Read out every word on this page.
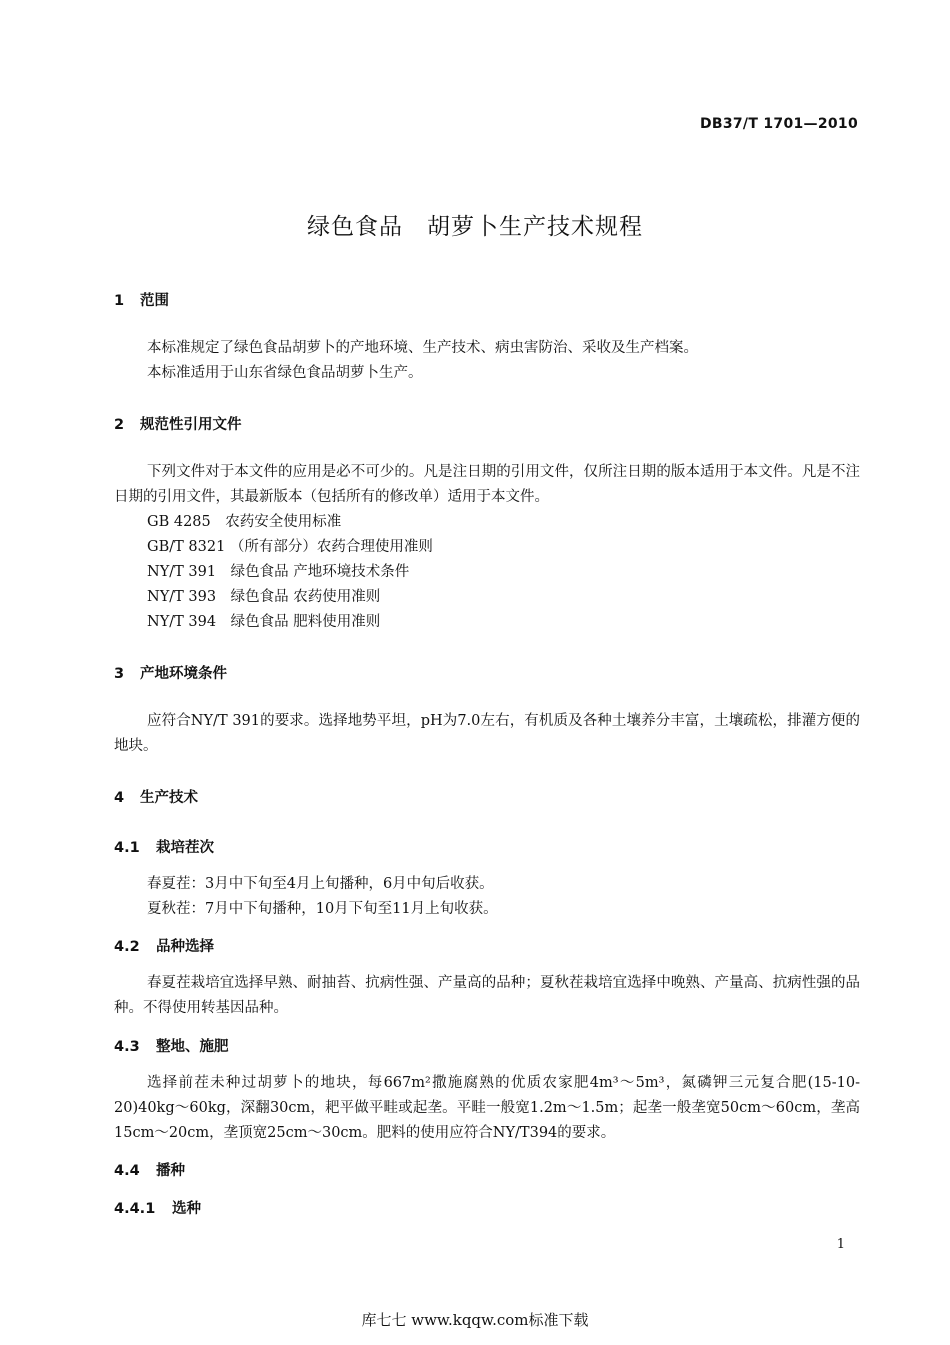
DB37/T 1701—2010
绿色食品　胡萝卜生产技术规程
1 范围
本标准规定了绿色食品胡萝卜的产地环境、生产技术、病虫害防治、采收及生产档案。
本标准适用于山东省绿色食品胡萝卜生产。
2 规范性引用文件
下列文件对于本文件的应用是必不可少的。凡是注日期的引用文件，仅所注日期的版本适用于本文件。凡是不注日期的引用文件，其最新版本（包括所有的修改单）适用于本文件。
GB 4285　农药安全使用标准
GB/T 8321 （所有部分）农药合理使用准则
NY/T 391　绿色食品 产地环境技术条件
NY/T 393　绿色食品 农药使用准则
NY/T 394　绿色食品 肥料使用准则
3 产地环境条件
应符合NY/T 391的要求。选择地势平坦，pH为7.0左右，有机质及各种土壤养分丰富，土壤疏松，排灌方便的地块。
4 生产技术
4.1 栽培茬次
春夏茬：3月中下旬至4月上旬播种，6月中旬后收获。
夏秋茬：7月中下旬播种，10月下旬至11月上旬收获。
4.2 品种选择
春夏茬栽培宜选择早熟、耐抽苔、抗病性强、产量高的品种；夏秋茬栽培宜选择中晚熟、产量高、抗病性强的品种。不得使用转基因品种。
4.3 整地、施肥
选择前茬未种过胡萝卜的地块，每667m²撒施腐熟的优质农家肥4m³～5m³，氮磷钾三元复合肥(15-10-20)40kg～60kg，深翻30cm，耙平做平畦或起垄。平畦一般宽1.2m～1.5m；起垄一般垄宽50cm～60cm，垄高15cm～20cm，垄顶宽25cm～30cm。肥料的使用应符合NY/T394的要求。
4.4 播种
4.4.1 选种
1
库七七 www.kqqw.com标准下载
